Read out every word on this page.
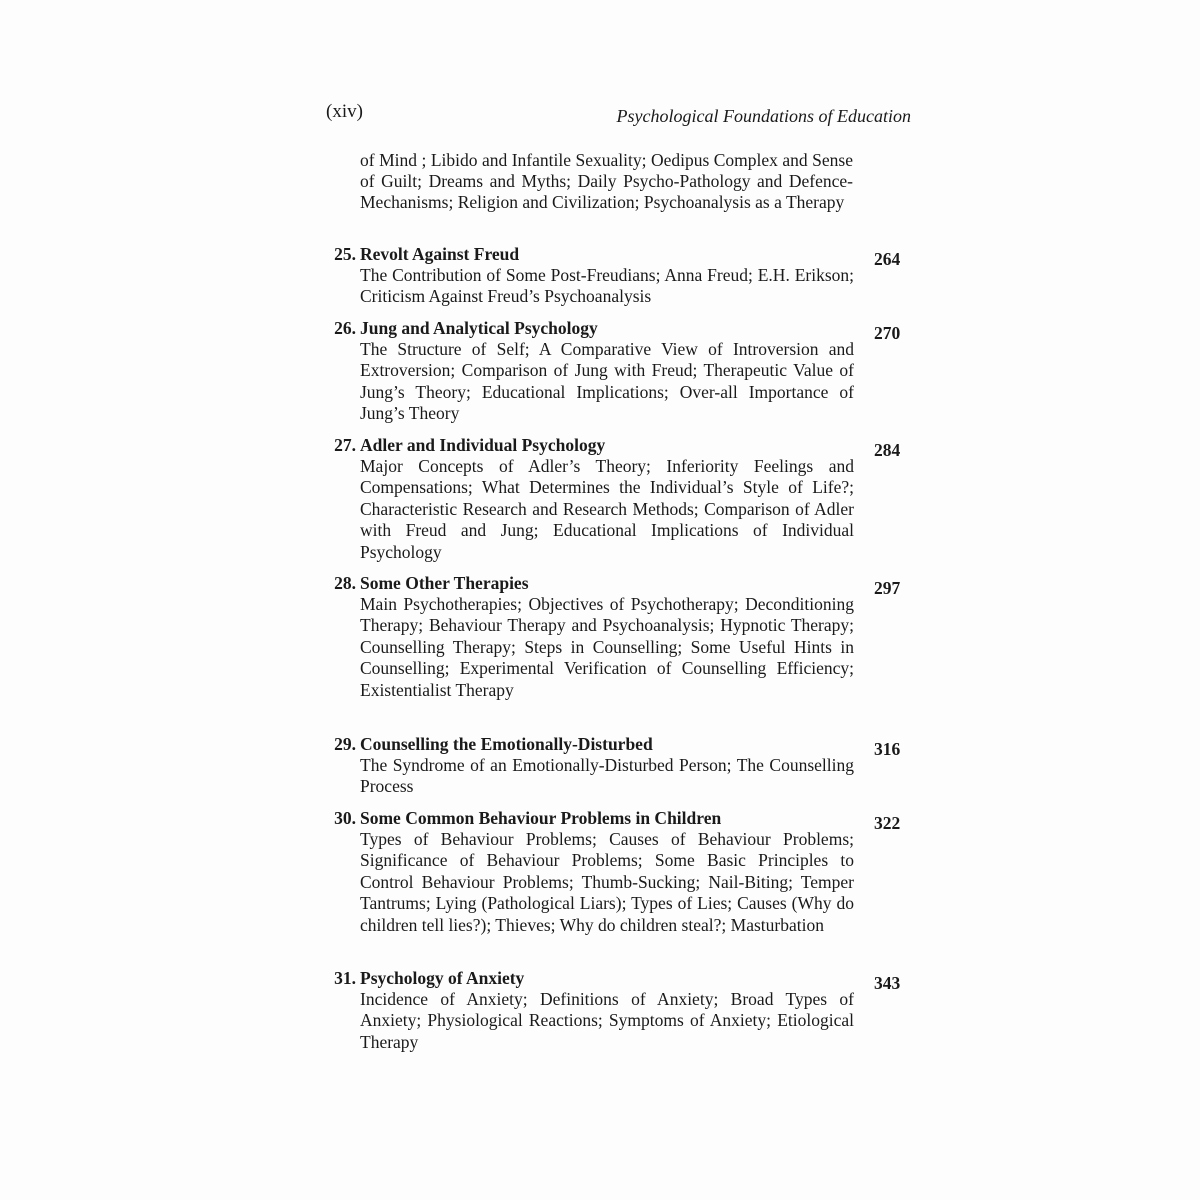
(xiv)	Psychological Foundations of Education
of Mind ; Libido and Infantile Sexuality; Oedipus Complex and Sense of Guilt; Dreams and Myths; Daily Psycho-Pathology and Defence-Mechanisms; Religion and Civilization; Psychoanalysis as a Therapy
25. Revolt Against Freud	264
The Contribution of Some Post-Freudians; Anna Freud; E.H. Erikson; Criticism Against Freud’s Psychoanalysis
26. Jung and Analytical Psychology	270
The Structure of Self; A Comparative View of Introversion and Extroversion; Comparison of Jung with Freud; Therapeutic Value of Jung’s Theory; Educational Implications; Over-all Importance of Jung’s Theory
27. Adler and Individual Psychology	284
Major Concepts of Adler’s Theory; Inferiority Feelings and Compensations; What Determines the Individual’s Style of Life?; Characteristic Research and Research Methods; Comparison of Adler with Freud and Jung; Educational Implications of Individual Psychology
28. Some Other Therapies	297
Main Psychotherapies; Objectives of Psychotherapy; Deconditioning Therapy; Behaviour Therapy and Psychoanalysis; Hypnotic Therapy; Counselling Therapy; Steps in Counselling; Some Useful Hints in Counselling; Experimental Verification of Counselling Efficiency; Existentialist Therapy
29. Counselling the Emotionally-Disturbed	316
The Syndrome of an Emotionally-Disturbed Person; The Counselling Process
30. Some Common Behaviour Problems in Children	322
Types of Behaviour Problems; Causes of Behaviour Problems; Significance of Behaviour Problems; Some Basic Principles to Control Behaviour Problems; Thumb-Sucking; Nail-Biting; Temper Tantrums; Lying (Pathological Liars); Types of Lies; Causes (Why do children tell lies?); Thieves; Why do children steal?; Masturbation
31. Psychology of Anxiety	343
Incidence of Anxiety; Definitions of Anxiety; Broad Types of Anxiety; Physiological Reactions; Symptoms of Anxiety; Etiological Therapy
